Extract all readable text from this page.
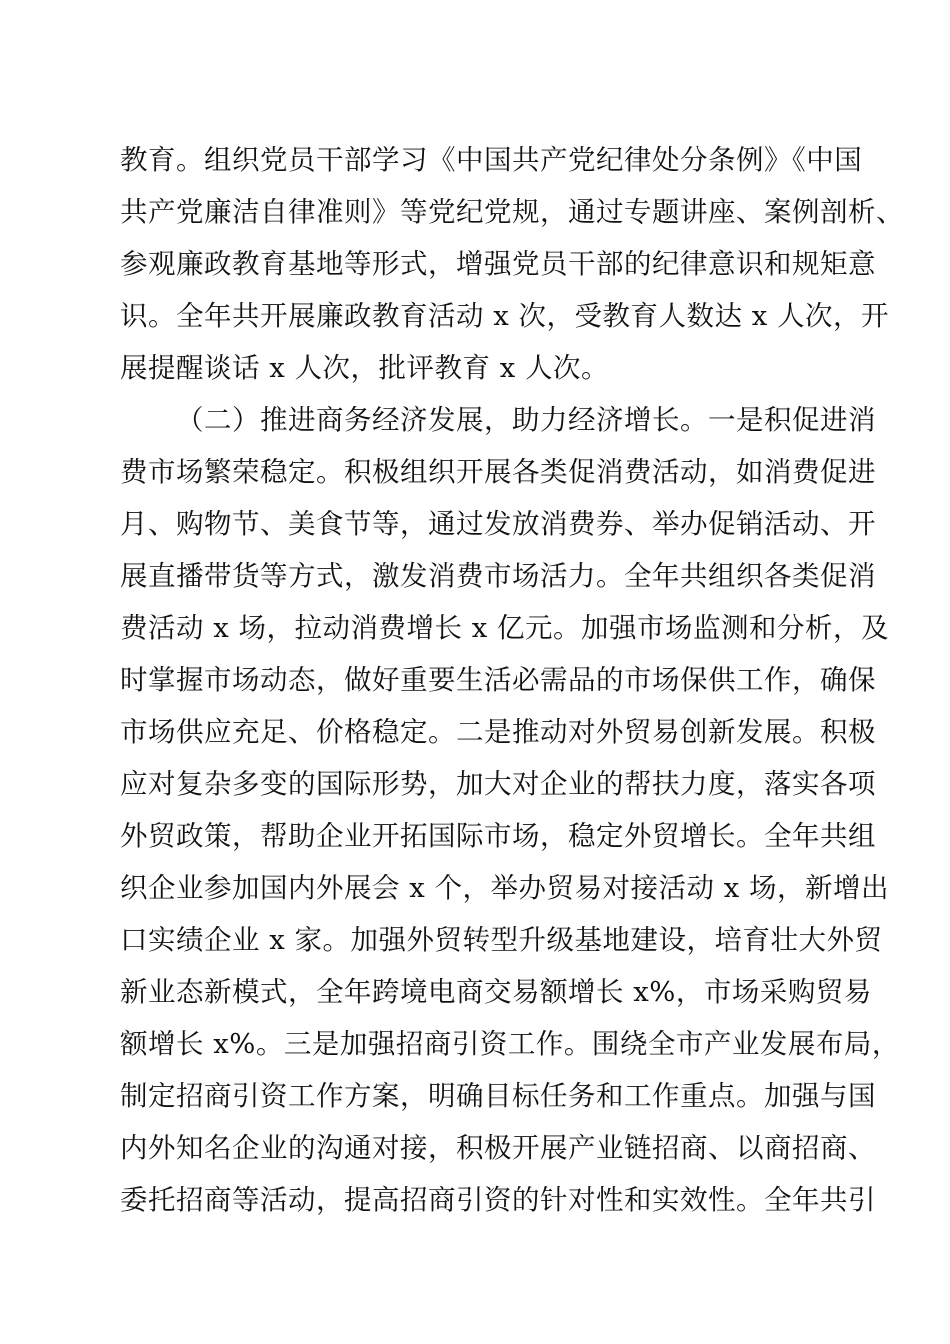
教育。组织党员干部学习《中国共产党纪律处分条例》《中国
共产党廉洁自律准则》等党纪党规，通过专题讲座、案例剖析、
参观廉政教育基地等形式，增强党员干部的纪律意识和规矩意
识。全年共开展廉政教育活动 x 次，受教育人数达 x 人次，开
展提醒谈话 x 人次，批评教育 x 人次。
（二）推进商务经济发展，助力经济增长。一是积促进消
费市场繁荣稳定。积极组织开展各类促消费活动，如消费促进
月、购物节、美食节等，通过发放消费券、举办促销活动、开
展直播带货等方式，激发消费市场活力。全年共组织各类促消
费活动 x 场，拉动消费增长 x 亿元。加强市场监测和分析，及
时掌握市场动态，做好重要生活必需品的市场保供工作，确保
市场供应充足、价格稳定。二是推动对外贸易创新发展。积极
应对复杂多变的国际形势，加大对企业的帮扶力度，落实各项
外贸政策，帮助企业开拓国际市场，稳定外贸增长。全年共组
织企业参加国内外展会 x 个，举办贸易对接活动 x 场，新增出
口实绩企业 x 家。加强外贸转型升级基地建设，培育壮大外贸
新业态新模式，全年跨境电商交易额增长 x%，市场采购贸易
额增长 x%。三是加强招商引资工作。围绕全市产业发展布局，
制定招商引资工作方案，明确目标任务和工作重点。加强与国
内外知名企业的沟通对接，积极开展产业链招商、以商招商、
委托招商等活动，提高招商引资的针对性和实效性。全年共引
